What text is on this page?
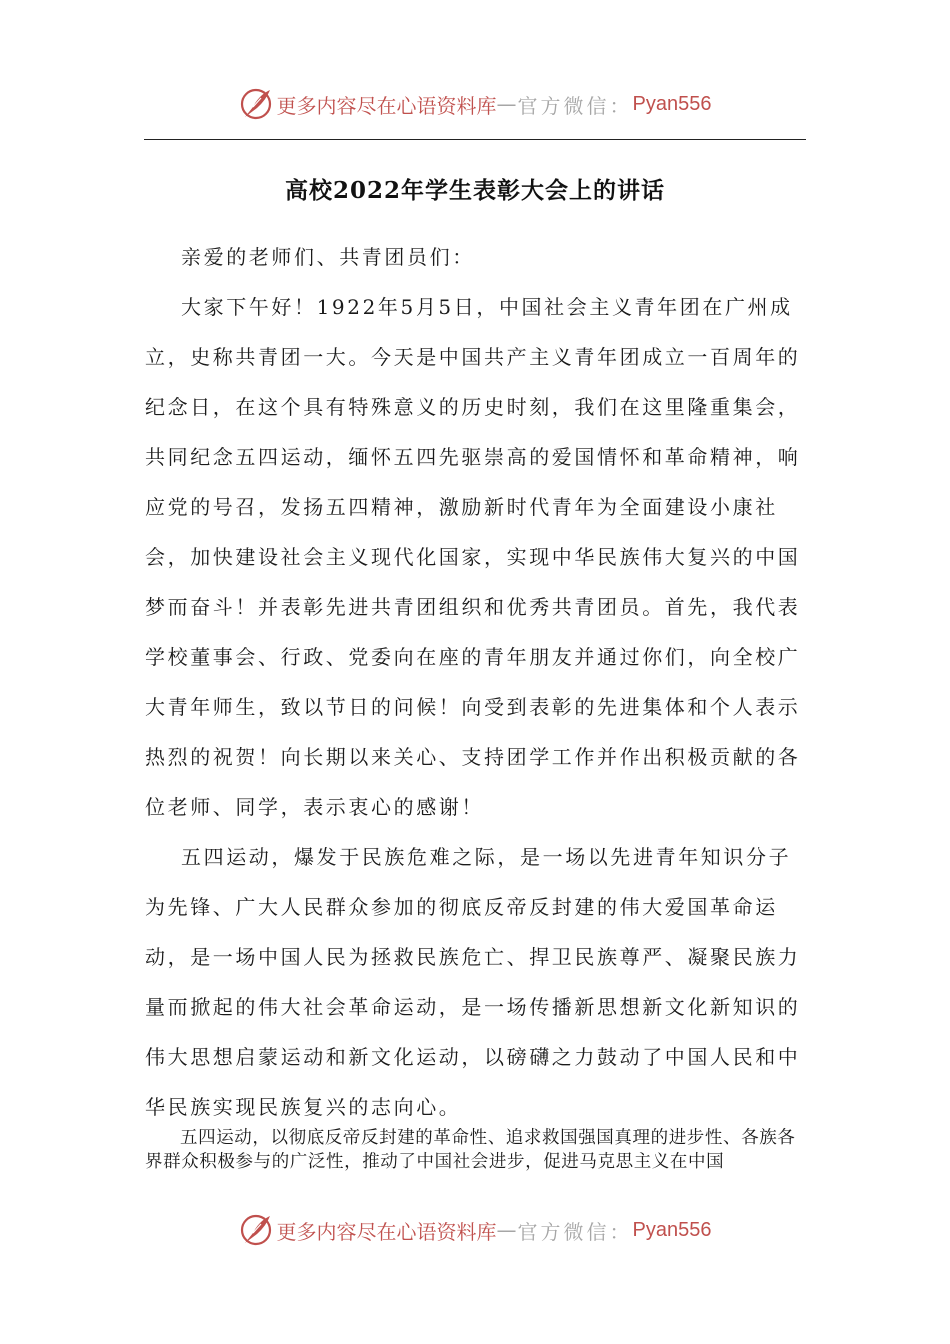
更多内容尽在心语资料库 — 官方微信： Pyan556
高校2022年学生表彰大会上的讲话

亲爱的老师们、共青团员们：

大家下午好！1922年5月5日，中国社会主义青年团在广州成立，史称共青团一大。今天是中国共产主义青年团成立一百周年的纪念日，在这个具有特殊意义的历史时刻，我们在这里隆重集会，共同纪念五四运动，缅怀五四先驱崇高的爱国情怀和革命精神，响应党的号召，发扬五四精神，激励新时代青年为全面建设小康社会，加快建设社会主义现代化国家，实现中华民族伟大复兴的中国梦而奋斗！并表彰先进共青团组织和优秀共青团员。首先，我代表学校董事会、行政、党委向在座的青年朋友并通过你们，向全校广大青年师生，致以节日的问候！向受到表彰的先进集体和个人表示热烈的祝贺！向长期以来关心、支持团学工作并作出积极贡献的各位老师、同学，表示衷心的感谢！

五四运动，爆发于民族危难之际，是一场以先进青年知识分子为先锋、广大人民群众参加的彻底反帝反封建的伟大爱国革命运动，是一场中国人民为拯救民族危亡、捍卫民族尊严、凝聚民族力量而掀起的伟大社会革命运动，是一场传播新思想新文化新知识的伟大思想启蒙运动和新文化运动，以磅礴之力鼓动了中国人民和中华民族实现民族复兴的志向心。

五四运动，以彻底反帝反封建的革命性、追求救国强国真理的进步性、各族各界群众积极参与的广泛性，推动了中国社会进步，促进马克思主义在中国

更多内容尽在心语资料库 — 官方微信： Pyan556
